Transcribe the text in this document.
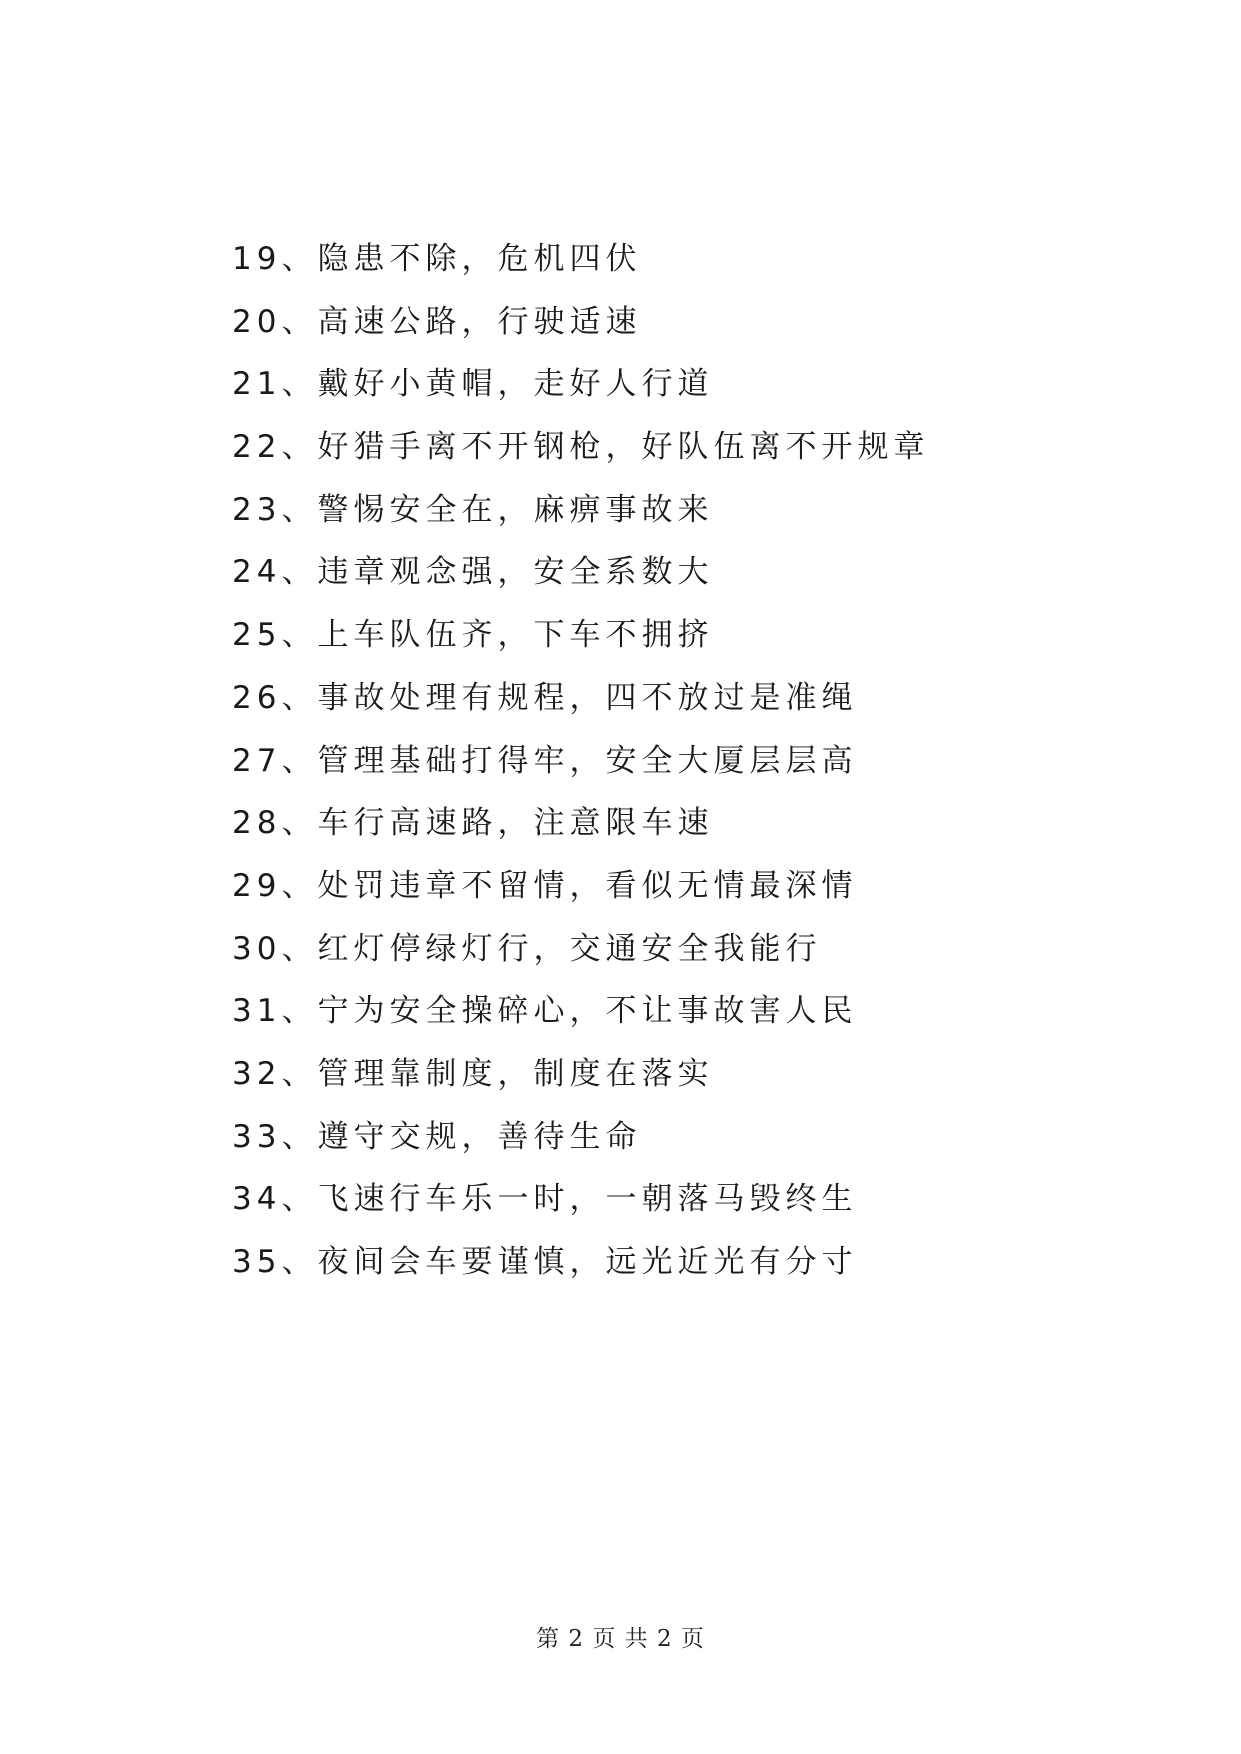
19、隐患不除，危机四伏
20、高速公路，行驶适速
21、戴好小黄帽，走好人行道
22、好猎手离不开钢枪，好队伍离不开规章
23、警惕安全在，麻痹事故来
24、违章观念强，安全系数大
25、上车队伍齐，下车不拥挤
26、事故处理有规程，四不放过是准绳
27、管理基础打得牢，安全大厦层层高
28、车行高速路，注意限车速
29、处罚违章不留情，看似无情最深情
30、红灯停绿灯行，交通安全我能行
31、宁为安全操碎心，不让事故害人民
32、管理靠制度，制度在落实
33、遵守交规，善待生命
34、飞速行车乐一时，一朝落马毁终生
35、夜间会车要谨慎，远光近光有分寸
第 2 页 共 2 页
